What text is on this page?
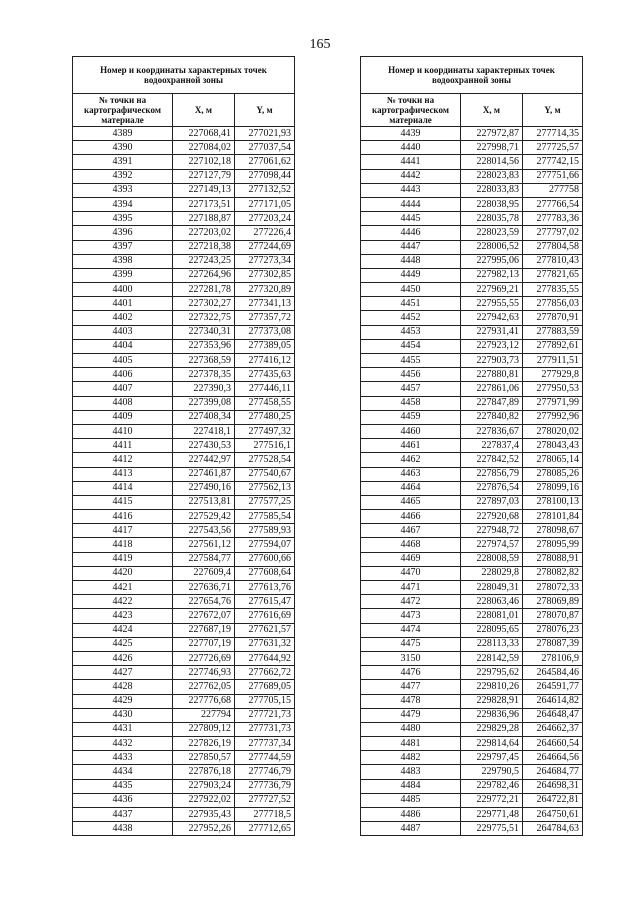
165
Номер и координаты характерных точек водоохранной зоны		
№ точки на картографическом материале	X, м	Y, м
4389	227068,41	277021,93
4390	227084,02	277037,54
4391	227102,18	277061,62
4392	227127,79	277098,44
4393	227149,13	277132,52
4394	227173,51	277171,05
4395	227188,87	277203,24
4396	227203,02	277226,4
4397	227218,38	277244,69
4398	227243,25	277273,34
4399	227264,96	277302,85
4400	227281,78	277320,89
4401	227302,27	277341,13
4402	227322,75	277357,72
4403	227340,31	277373,08
4404	227353,96	277389,05
4405	227368,59	277416,12
4406	227378,35	277435,63
4407	227390,3	277446,11
4408	227399,08	277458,55
4409	227408,34	277480,25
4410	227418,1	277497,32
4411	227430,53	277516,1
4412	227442,97	277528,54
4413	227461,87	277540,67
4414	227490,16	277562,13
4415	227513,81	277577,25
4416	227529,42	277585,54
4417	227543,56	277589,93
4418	227561,12	277594,07
4419	227584,77	277600,66
4420	227609,4	277608,64
4421	227636,71	277613,76
4422	227654,76	277615,47
4423	227672,07	277616,69
4424	227687,19	277621,57
4425	227707,19	277631,32
4426	227726,69	277644,92
4427	227746,93	277662,72
4428	227762,05	277689,05
4429	227776,68	277705,15
4430	227794	277721,73
4431	227809,12	277731,73
4432	227826,19	277737,34
4433	227850,57	277744,59
4434	227876,18	277746,79
4435	227903,24	277736,79
4436	227922,02	277727,52
4437	227935,43	277718,5
4438	227952,26	277712,65
Номер и координаты характерных точек водоохранной зоны		
№ точки на картографическом материале	X, м	Y, м
4439	227972,87	277714,35
4440	227998,71	277725,57
4441	228014,56	277742,15
4442	228023,83	277751,66
4443	228033,83	277758
4444	228038,95	277766,54
4445	228035,78	277783,36
4446	228023,59	277797,02
4447	228006,52	277804,58
4448	227995,06	277810,43
4449	227982,13	277821,65
4450	227969,21	277835,55
4451	227955,55	277856,03
4452	227942,63	277870,91
4453	227931,41	277883,59
4454	227923,12	277892,61
4455	227903,73	277911,51
4456	227880,81	277929,8
4457	227861,06	277950,53
4458	227847,89	277971,99
4459	227840,82	277992,96
4460	227836,67	278020,02
4461	227837,4	278043,43
4462	227842,52	278065,14
4463	227856,79	278085,26
4464	227876,54	278099,16
4465	227897,03	278100,13
4466	227920,68	278101,84
4467	227948,72	278098,67
4468	227974,57	278095,99
4469	228008,59	278088,91
4470	228029,8	278082,82
4471	228049,31	278072,33
4472	228063,46	278069,89
4473	228081,01	278070,87
4474	228095,65	278076,23
4475	228113,33	278087,39
3150	228142,59	278106,9
4476	229795,62	264584,46
4477	229810,26	264591,77
4478	229828,91	264614,82
4479	229836,96	264648,47
4480	229829,28	264662,37
4481	229814,64	264660,54
4482	229797,45	264664,56
4483	229790,5	264684,77
4484	229782,46	264698,31
4485	229772,21	264722,81
4486	229771,48	264750,61
4487	229775,51	264784,63
